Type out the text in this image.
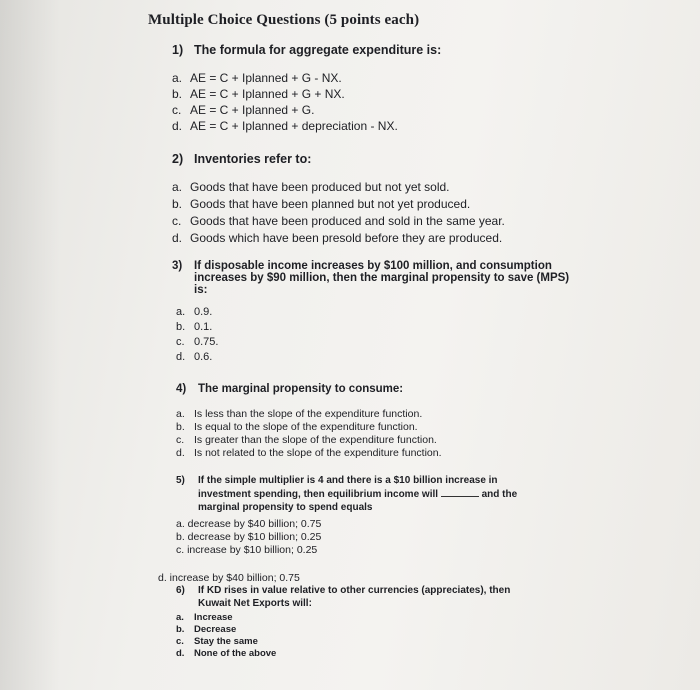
Multiple Choice Questions (5 points each)
1) The formula for aggregate expenditure is:
a. AE = C + Iplanned + G - NX.
b. AE = C + Iplanned + G + NX.
c. AE = C + Iplanned + G.
d. AE = C + Iplanned + depreciation - NX.
2) Inventories refer to:
a. Goods that have been produced but not yet sold.
b. Goods that have been planned but not yet produced.
c. Goods that have been produced and sold in the same year.
d. Goods which have been presold before they are produced.
3) If disposable income increases by $100 million, and consumption
increases by $90 million, then the marginal propensity to save (MPS)
is:
a. 0.9.
b. 0.1.
c. 0.75.
d. 0.6.
4) The marginal propensity to consume:
a. Is less than the slope of the expenditure function.
b. Is equal to the slope of the expenditure function.
c. Is greater than the slope of the expenditure function.
d. Is not related to the slope of the expenditure function.
5) If the simple multiplier is 4 and there is a $10 billion increase in
investment spending, then equilibrium income will	and the
marginal propensity to spend equals
a. decrease by $40 billion; 0.75
b. decrease by $10 billion; 0.25
c. increase by $10 billion; 0.25
d. increase by $40 billion; 0.75
6) If KD rises in value relative to other currencies (appreciates), then
Kuwait Net Exports will:
a. Increase
b. Decrease
c. Stay the same
d. None of the above
